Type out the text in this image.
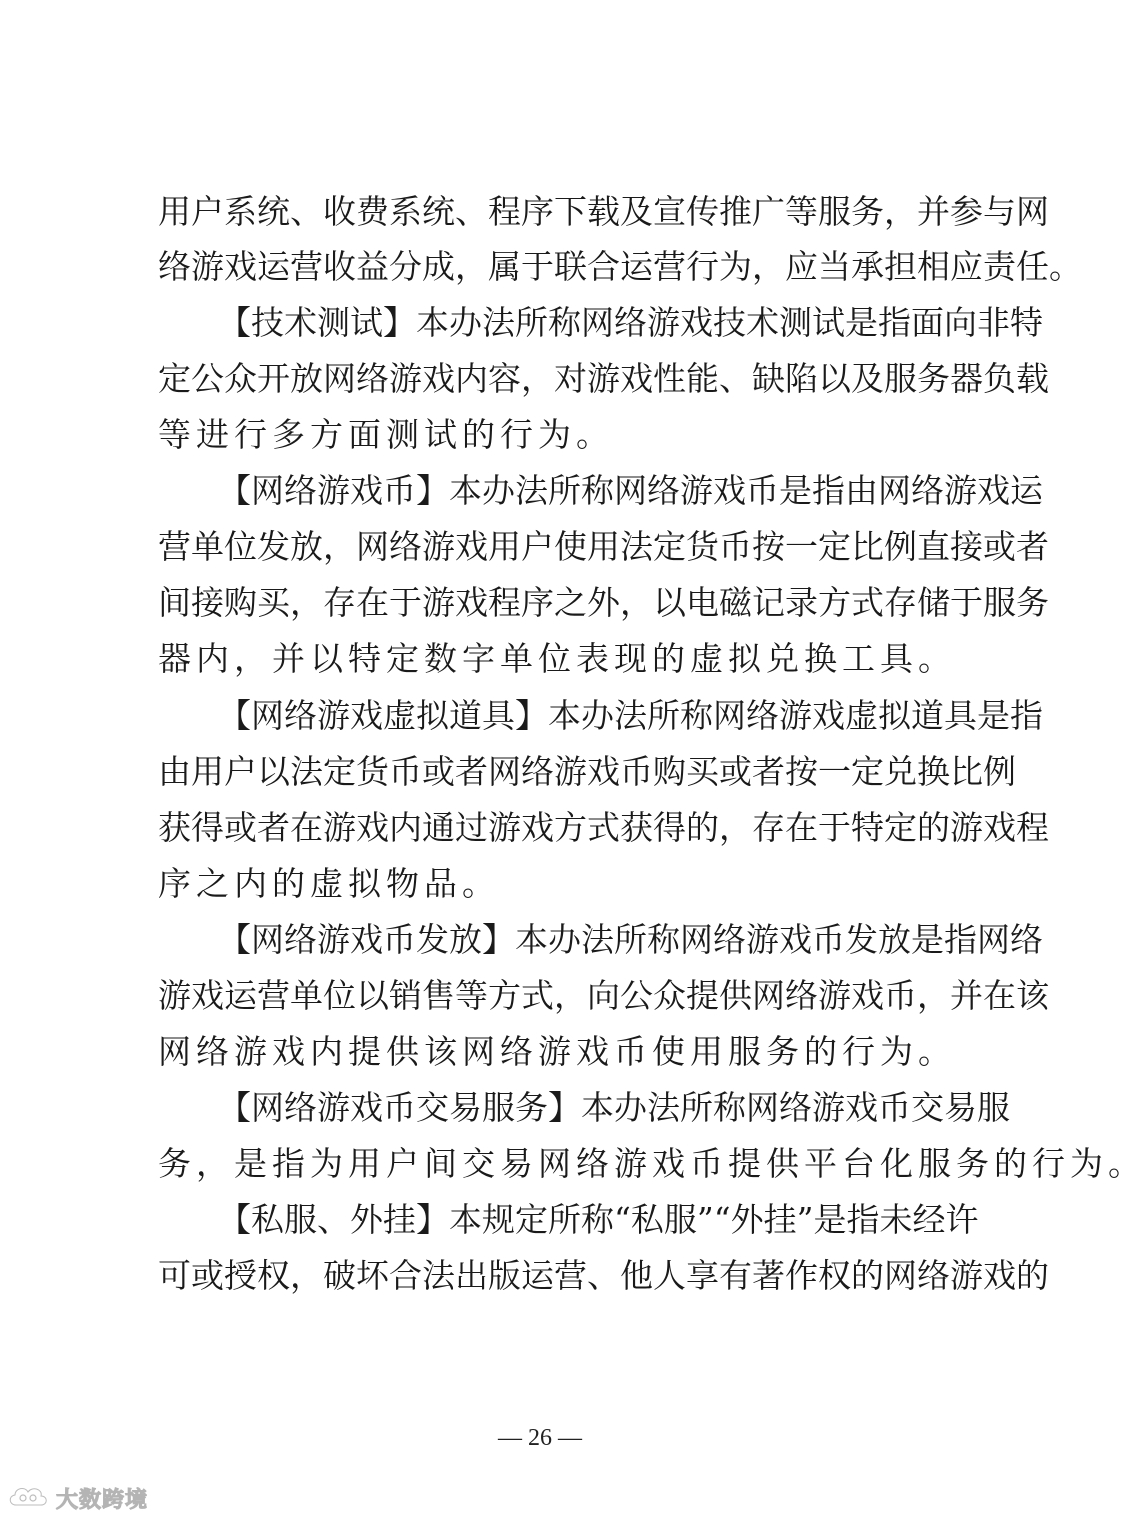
用户系统、收费系统、程序下载及宣传推广等服务，并参与网
络游戏运营收益分成，属于联合运营行为，应当承担相应责任。
【技术测试】本办法所称网络游戏技术测试是指面向非特
定公众开放网络游戏内容，对游戏性能、缺陷以及服务器负载
等进行多方面测试的行为。
【网络游戏币】本办法所称网络游戏币是指由网络游戏运
营单位发放，网络游戏用户使用法定货币按一定比例直接或者
间接购买，存在于游戏程序之外，以电磁记录方式存储于服务
器内，并以特定数字单位表现的虚拟兑换工具。
【网络游戏虚拟道具】本办法所称网络游戏虚拟道具是指
由用户以法定货币或者网络游戏币购买或者按一定兑换比例
获得或者在游戏内通过游戏方式获得的，存在于特定的游戏程
序之内的虚拟物品。
【网络游戏币发放】本办法所称网络游戏币发放是指网络
游戏运营单位以销售等方式，向公众提供网络游戏币，并在该
网络游戏内提供该网络游戏币使用服务的行为。
【网络游戏币交易服务】本办法所称网络游戏币交易服
务，是指为用户间交易网络游戏币提供平台化服务的行为。
【私服、外挂】本规定所称“私服”“外挂”是指未经许
可或授权，破坏合法出版运营、他人享有著作权的网络游戏的
— 26 —
大数跨境
